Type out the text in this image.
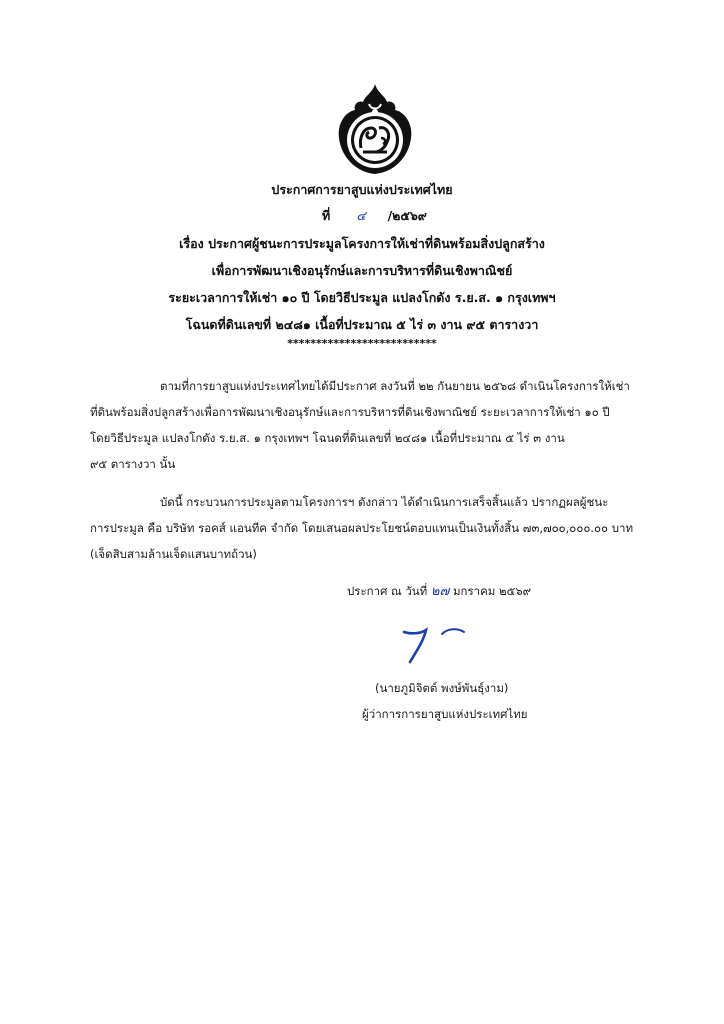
ประกาศการยาสูบแห่งประเทศไทย
ที่ ๔ /๒๕๖๙
เรื่อง ประกาศผู้ชนะการประมูลโครงการให้เช่าที่ดินพร้อมสิ่งปลูกสร้าง
เพื่อการพัฒนาเชิงอนุรักษ์และการบริหารที่ดินเชิงพาณิชย์
ระยะเวลาการให้เช่า ๑๐ ปี โดยวิธีประมูล แปลงโกดัง ร.ย.ส. ๑ กรุงเทพฯ
โฉนดที่ดินเลขที่ ๒๔๘๑ เนื้อที่ประมาณ ๕ ไร่ ๓ งาน ๙๕ ตารางวา
**************************
ตามที่การยาสูบแห่งประเทศไทยได้มีประกาศ ลงวันที่ ๒๒ กันยายน ๒๕๖๘ ดำเนินโครงการให้เช่า
ที่ดินพร้อมสิ่งปลูกสร้างเพื่อการพัฒนาเชิงอนุรักษ์และการบริหารที่ดินเชิงพาณิชย์ ระยะเวลาการให้เช่า ๑๐ ปี
โดยวิธีประมูล แปลงโกดัง ร.ย.ส. ๑ กรุงเทพฯ โฉนดที่ดินเลขที่ ๒๔๘๑ เนื้อที่ประมาณ ๕ ไร่ ๓ งาน
๙๕ ตารางวา นั้น
บัดนี้ กระบวนการประมูลตามโครงการฯ ดังกล่าว ได้ดำเนินการเสร็จสิ้นแล้ว ปรากฏผลผู้ชนะ
การประมูล คือ บริษัท รอคส์ แอนทีค จำกัด โดยเสนอผลประโยชน์ตอบแทนเป็นเงินทั้งสิ้น ๗๓,๗๐๐,๐๐๐.๐๐ บาท
(เจ็ดสิบสามล้านเจ็ดแสนบาทถ้วน)
ประกาศ ณ วันที่ ๒๗ มกราคม ๒๕๖๙
(นายภูมิจิตต์ พงษ์พันธุ์งาม)
ผู้ว่าการการยาสูบแห่งประเทศไทย
